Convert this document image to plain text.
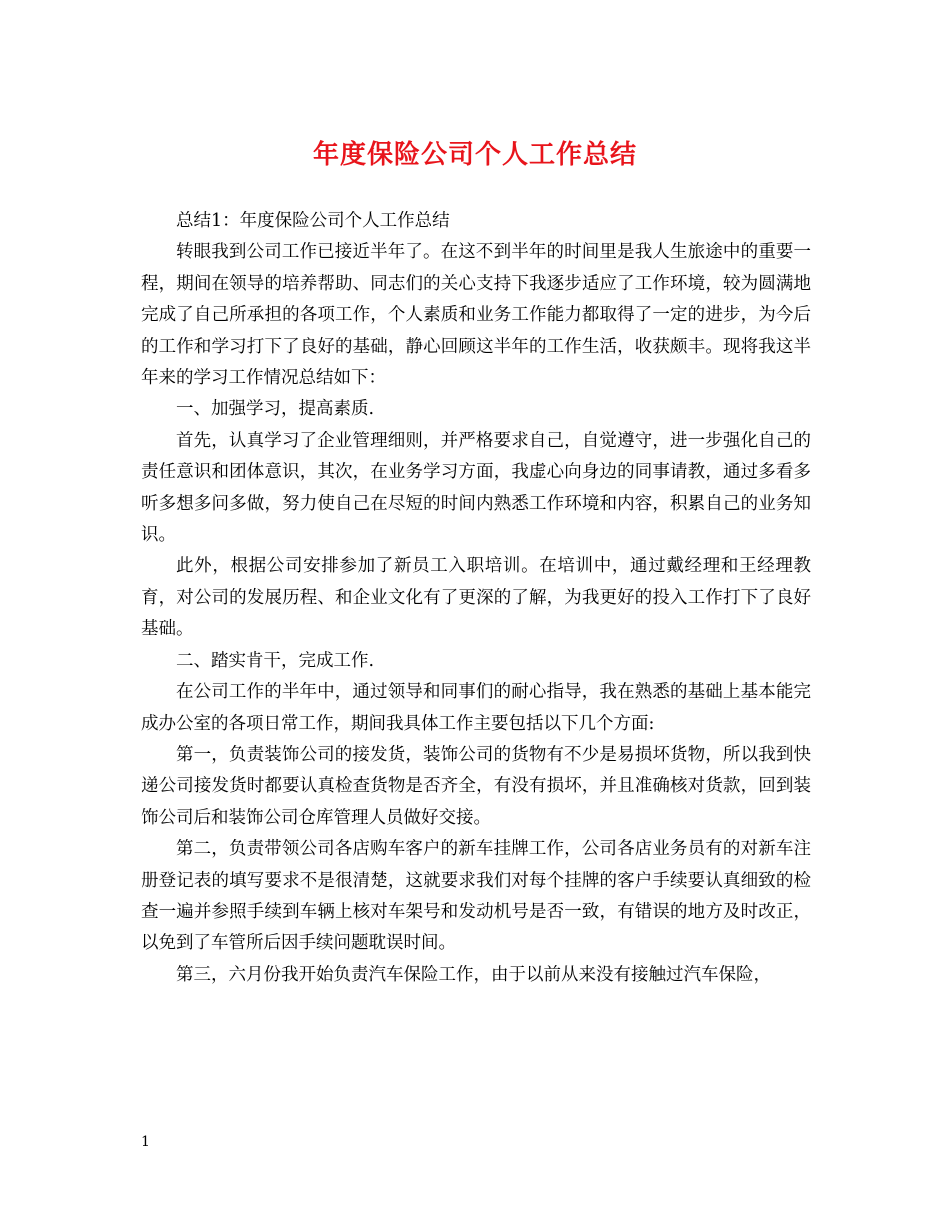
年度保险公司个人工作总结

总结1：年度保险公司个人工作总结

转眼我到公司工作已接近半年了。在这不到半年的时间里是我人生旅途中的重要一程，期间在领导的培养帮助、同志们的关心支持下我逐步适应了工作环境，较为圆满地完成了自己所承担的各项工作，个人素质和业务工作能力都取得了一定的进步，为今后的工作和学习打下了良好的基础，静心回顾这半年的工作生活，收获颇丰。现将我这半年来的学习工作情况总结如下：

一、加强学习，提高素质.

首先，认真学习了企业管理细则，并严格要求自己，自觉遵守，进一步强化自己的责任意识和团体意识，其次，在业务学习方面，我虚心向身边的同事请教，通过多看多听多想多问多做，努力使自己在尽短的时间内熟悉工作环境和内容，积累自己的业务知识。

此外，根据公司安排参加了新员工入职培训。在培训中，通过戴经理和王经理教育，对公司的发展历程、和企业文化有了更深的了解，为我更好的投入工作打下了良好基础。

二、踏实肯干，完成工作.

在公司工作的半年中，通过领导和同事们的耐心指导，我在熟悉的基础上基本能完成办公室的各项日常工作，期间我具体工作主要包括以下几个方面:

第一，负责装饰公司的接发货，装饰公司的货物有不少是易损坏货物，所以我到快递公司接发货时都要认真检查货物是否齐全，有没有损坏，并且准确核对货款，回到装饰公司后和装饰公司仓库管理人员做好交接。

第二，负责带领公司各店购车客户的新车挂牌工作，公司各店业务员有的对新车注册登记表的填写要求不是很清楚，这就要求我们对每个挂牌的客户手续要认真细致的检查一遍并参照手续到车辆上核对车架号和发动机号是否一致，有错误的地方及时改正，以免到了车管所后因手续问题耽误时间。

第三，六月份我开始负责汽车保险工作，由于以前从来没有接触过汽车保险，

1
